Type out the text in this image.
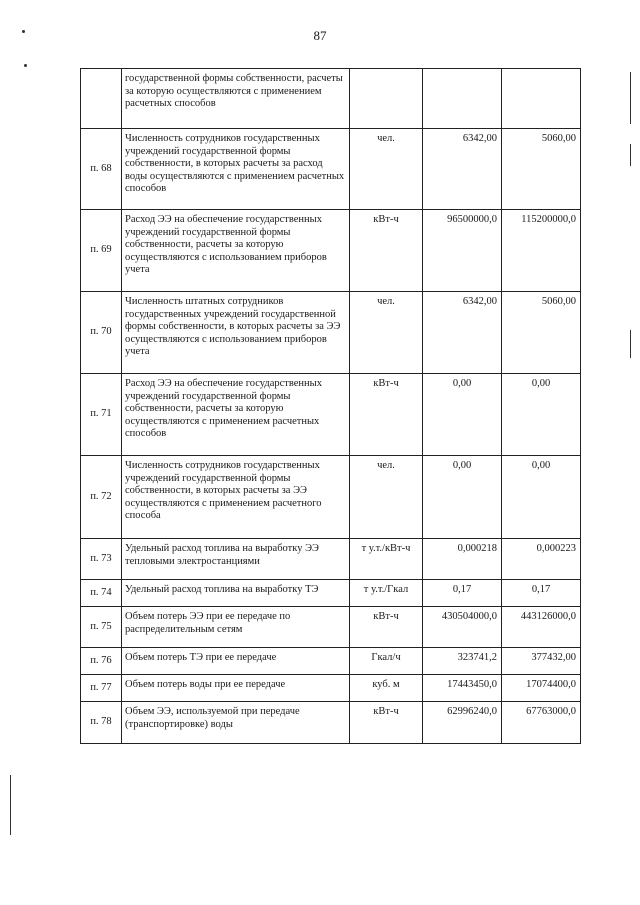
87
	государственной формы собственности, расчеты за которую осуществляются с применением расчетных способов			
п. 68	Численность сотрудников государственных учреждений государственной формы собственности, в которых расчеты за расход воды осуществляются с применением расчетных способов	чел.	6342,00	5060,00
п. 69	Расход ЭЭ на обеспечение государственных учреждений государственной формы собственности, расчеты за которую осуществляются с использованием приборов учета	кВт-ч	96500000,0	115200000,0
п. 70	Численность штатных сотрудников государственных учреждений государственной формы собственности, в которых расчеты за ЭЭ осуществляются с использованием приборов учета	чел.	6342,00	5060,00
п. 71	Расход ЭЭ на обеспечение государственных учреждений государственной формы собственности, расчеты за которую осуществляются с применением расчетных способов	кВт-ч	0,00	0,00
п. 72	Численность сотрудников государственных учреждений государственной формы собственности, в которых расчеты за ЭЭ осуществляются с применением расчетного способа	чел.	0,00	0,00
п. 73	Удельный расход топлива на выработку ЭЭ тепловыми электростанциями	т у.т./кВт-ч	0,000218	0,000223
п. 74	Удельный расход топлива на выработку ТЭ	т у.т./Гкал	0,17	0,17
п. 75	Объем потерь ЭЭ при ее передаче по распределительным сетям	кВт-ч	430504000,0	443126000,0
п. 76	Объем потерь ТЭ при ее передаче	Гкал/ч	323741,2	377432,00
п. 77	Объем потерь воды при ее передаче	куб. м	17443450,0	17074400,0
п. 78	Объем ЭЭ, используемой при передаче (транспортировке) воды	кВт-ч	62996240,0	67763000,0
